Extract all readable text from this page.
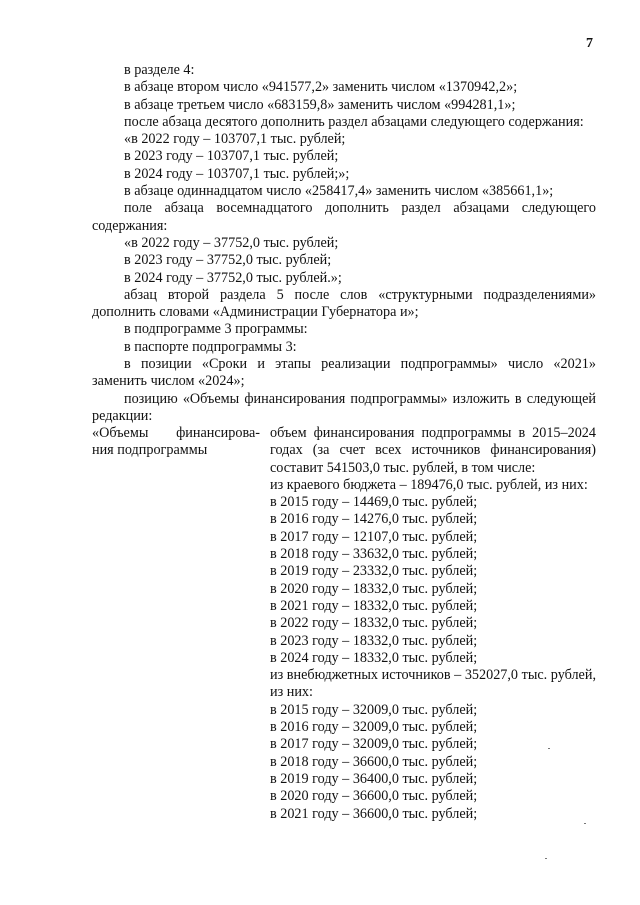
7

в разделе 4:

в абзаце втором число «941577,2» заменить числом «1370942,2»;

в абзаце третьем число «683159,8» заменить числом «994281,1»;

после абзаца десятого дополнить раздел абзацами следующего содержания:

«в 2022 году – 103707,1 тыс. рублей;

в 2023 году – 103707,1 тыс. рублей;

в 2024 году – 103707,1 тыс. рублей;»;

в абзаце одиннадцатом число «258417,4» заменить числом «385661,1»;

поле абзаца восемнадцатого дополнить раздел абзацами следующего содержания:

«в 2022 году – 37752,0 тыс. рублей;

в 2023 году – 37752,0 тыс. рублей;

в 2024 году – 37752,0 тыс. рублей.»;

абзац второй раздела 5 после слов «структурными подразделениями» дополнить словами «Администрации Губернатора и»;

в подпрограмме 3 программы:

в паспорте подпрограммы 3:

в позиции «Сроки и этапы реализации подпрограммы» число «2021» заменить числом «2024»;

позицию «Объемы финансирования подпрограммы» изложить в следующей редакции:

«Объемы финансирова-
ния подпрограммы

объем финансирования подпрограммы в 2015–2024 годах (за счет всех источников финансирования) составит 541503,0 тыс. рублей, в том числе:

из краевого бюджета – 189476,0 тыс. рублей, из них:

в 2015 году – 14469,0 тыс. рублей;

в 2016 году – 14276,0 тыс. рублей;

в 2017 году – 12107,0 тыс. рублей;

в 2018 году – 33632,0 тыс. рублей;

в 2019 году – 23332,0 тыс. рублей;

в 2020 году – 18332,0 тыс. рублей;

в 2021 году – 18332,0 тыс. рублей;

в 2022 году – 18332,0 тыс. рублей;

в 2023 году – 18332,0 тыс. рублей;

в 2024 году – 18332,0 тыс. рублей;

из внебюджетных источников – 352027,0 тыс. рублей, из них:

в 2015 году – 32009,0 тыс. рублей;

в 2016 году – 32009,0 тыс. рублей;

в 2017 году – 32009,0 тыс. рублей;

в 2018 году – 36600,0 тыс. рублей;

в 2019 году – 36400,0 тыс. рублей;

в 2020 году – 36600,0 тыс. рублей;

в 2021 году – 36600,0 тыс. рублей;
